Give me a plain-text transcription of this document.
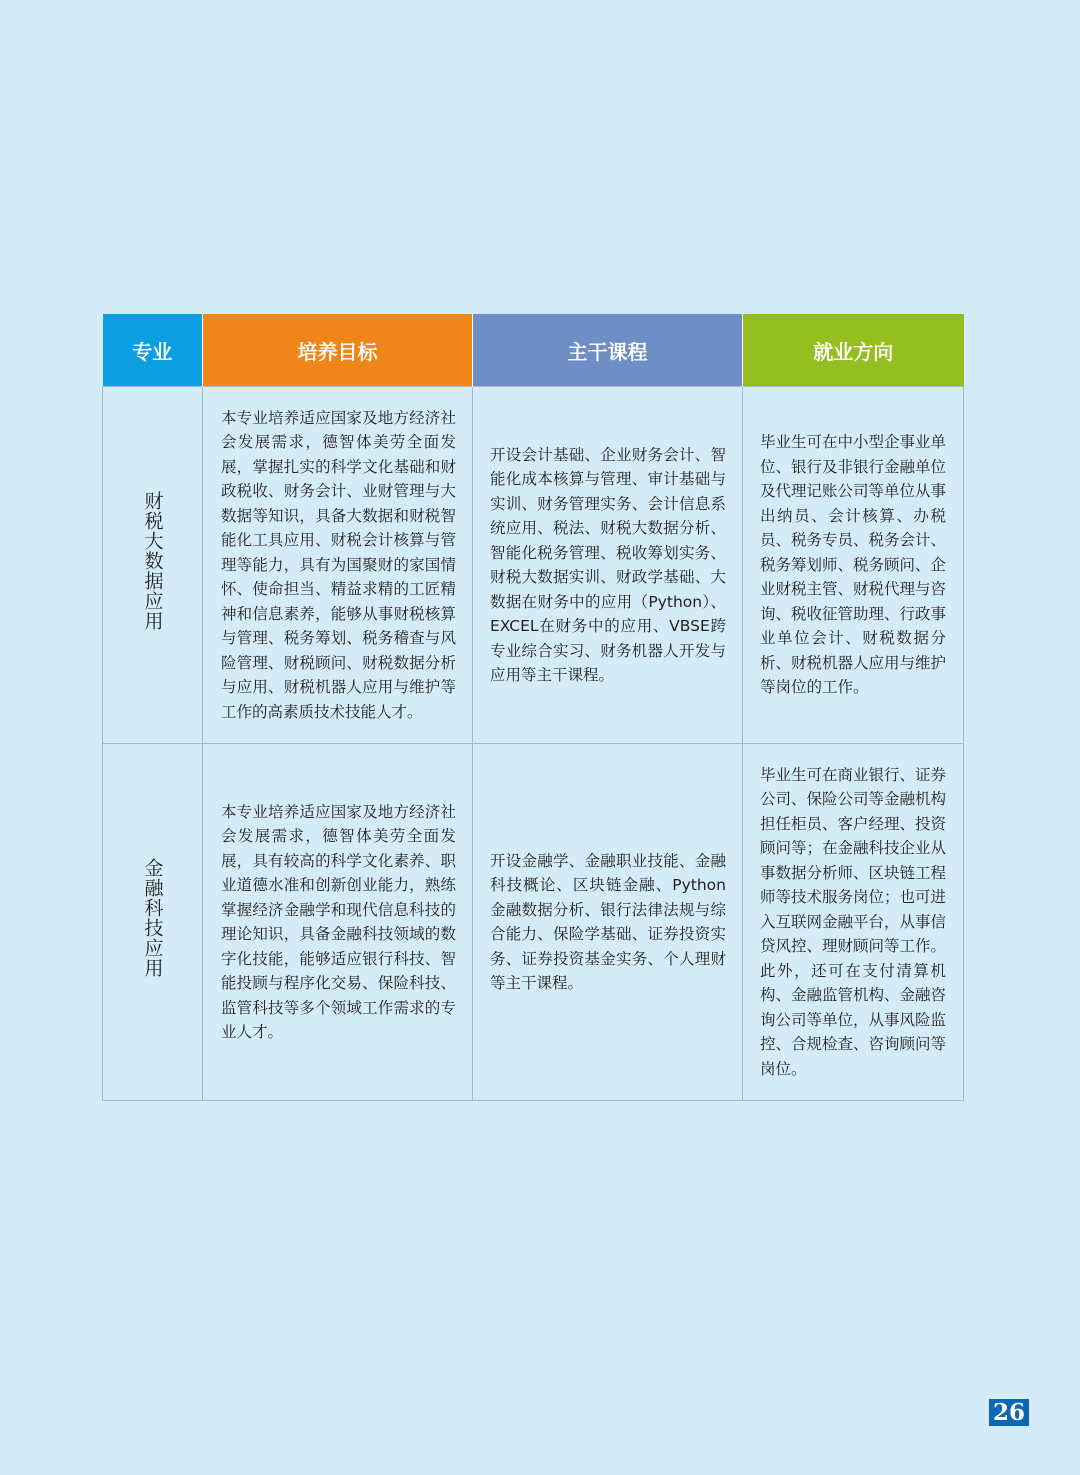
专业	培养目标	主干课程	就业方向
财税大数据应用	本专业培养适应国家及地方经济社会发展需求，德智体美劳全面发展，掌握扎实的科学文化基础和财政税收、财务会计、业财管理与大数据等知识，具备大数据和财税智能化工具应用、财税会计核算与管理等能力，具有为国聚财的家国情怀、使命担当、精益求精的工匠精神和信息素养，能够从事财税核算与管理、税务筹划、税务稽查与风险管理、财税顾问、财税数据分析与应用、财税机器人应用与维护等工作的高素质技术技能人才。	开设会计基础、企业财务会计、智能化成本核算与管理、审计基础与实训、财务管理实务、会计信息系统应用、税法、财税大数据分析、智能化税务管理、税收筹划实务、财税大数据实训、财政学基础、大数据在财务中的应用（Python）、EXCEL在财务中的应用、VBSE跨专业综合实习、财务机器人开发与应用等主干课程。	毕业生可在中小型企事业单位、银行及非银行金融单位及代理记账公司等单位从事出纳员、会计核算、办税员、税务专员、税务会计、税务筹划师、税务顾问、企业财税主管、财税代理与咨询、税收征管助理、行政事业单位会计、财税数据分析、财税机器人应用与维护等岗位的工作。
金融科技应用	本专业培养适应国家及地方经济社会发展需求，德智体美劳全面发展，具有较高的科学文化素养、职业道德水准和创新创业能力，熟练掌握经济金融学和现代信息科技的理论知识，具备金融科技领域的数字化技能，能够适应银行科技、智能投顾与程序化交易、保险科技、监管科技等多个领域工作需求的专业人才。	开设金融学、金融职业技能、金融科技概论、区块链金融、Python金融数据分析、银行法律法规与综合能力、保险学基础、证券投资实务、证券投资基金实务、个人理财等主干课程。	毕业生可在商业银行、证券公司、保险公司等金融机构担任柜员、客户经理、投资顾问等；在金融科技企业从事数据分析师、区块链工程师等技术服务岗位；也可进入互联网金融平台，从事信贷风控、理财顾问等工作。此外，还可在支付清算机构、金融监管机构、金融咨询公司等单位，从事风险监控、合规检查、咨询顾问等岗位。
26
